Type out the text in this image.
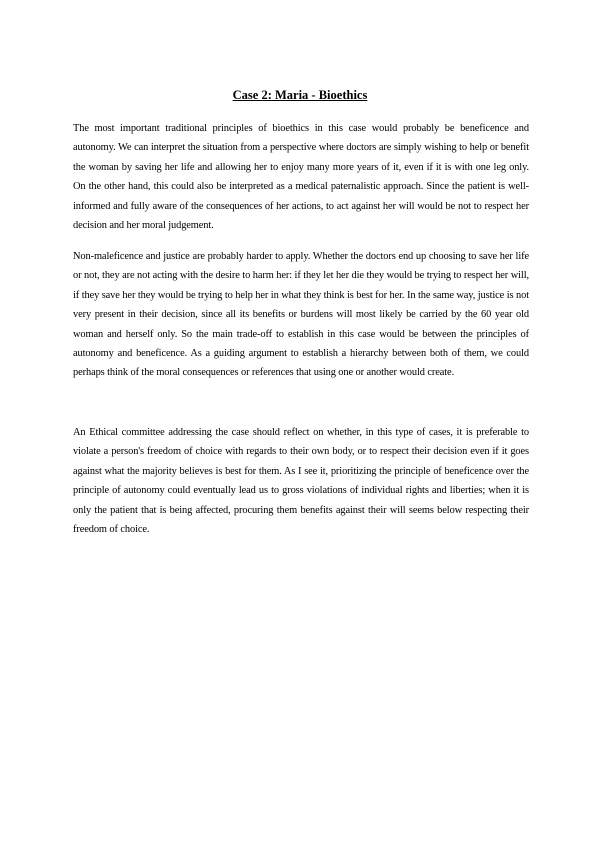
Case 2: Maria - Bioethics

The most important traditional principles of bioethics in this case would probably be beneficence and autonomy. We can interpret the situation from a perspective where doctors are simply wishing to help or benefit the woman by saving her life and allowing her to enjoy many more years of it, even if it is with one leg only. On the other hand, this could also be interpreted as a medical paternalistic approach. Since the patient is well-informed and fully aware of the consequences of her actions, to act against her will would be not to respect her decision and her moral judgement.

Non-maleficence and justice are probably harder to apply. Whether the doctors end up choosing to save her life or not, they are not acting with the desire to harm her: if they let her die they would be trying to respect her will, if they save her they would be trying to help her in what they think is best for her. In the same way, justice is not very present in their decision, since all its benefits or burdens will most likely be carried by the 60 year old woman and herself only. So the main trade-off to establish in this case would be between the principles of autonomy and beneficence. As a guiding argument to establish a hierarchy between both of them, we could perhaps think of the moral consequences or references that using one or another would create.

An Ethical committee addressing the case should reflect on whether, in this type of cases, it is preferable to violate a person's freedom of choice with regards to their own body, or to respect their decision even if it goes against what the majority believes is best for them. As I see it, prioritizing the principle of beneficence over the principle of autonomy could eventually lead us to gross violations of individual rights and liberties; when it is only the patient that is being affected, procuring them benefits against their will seems below respecting their freedom of choice.
